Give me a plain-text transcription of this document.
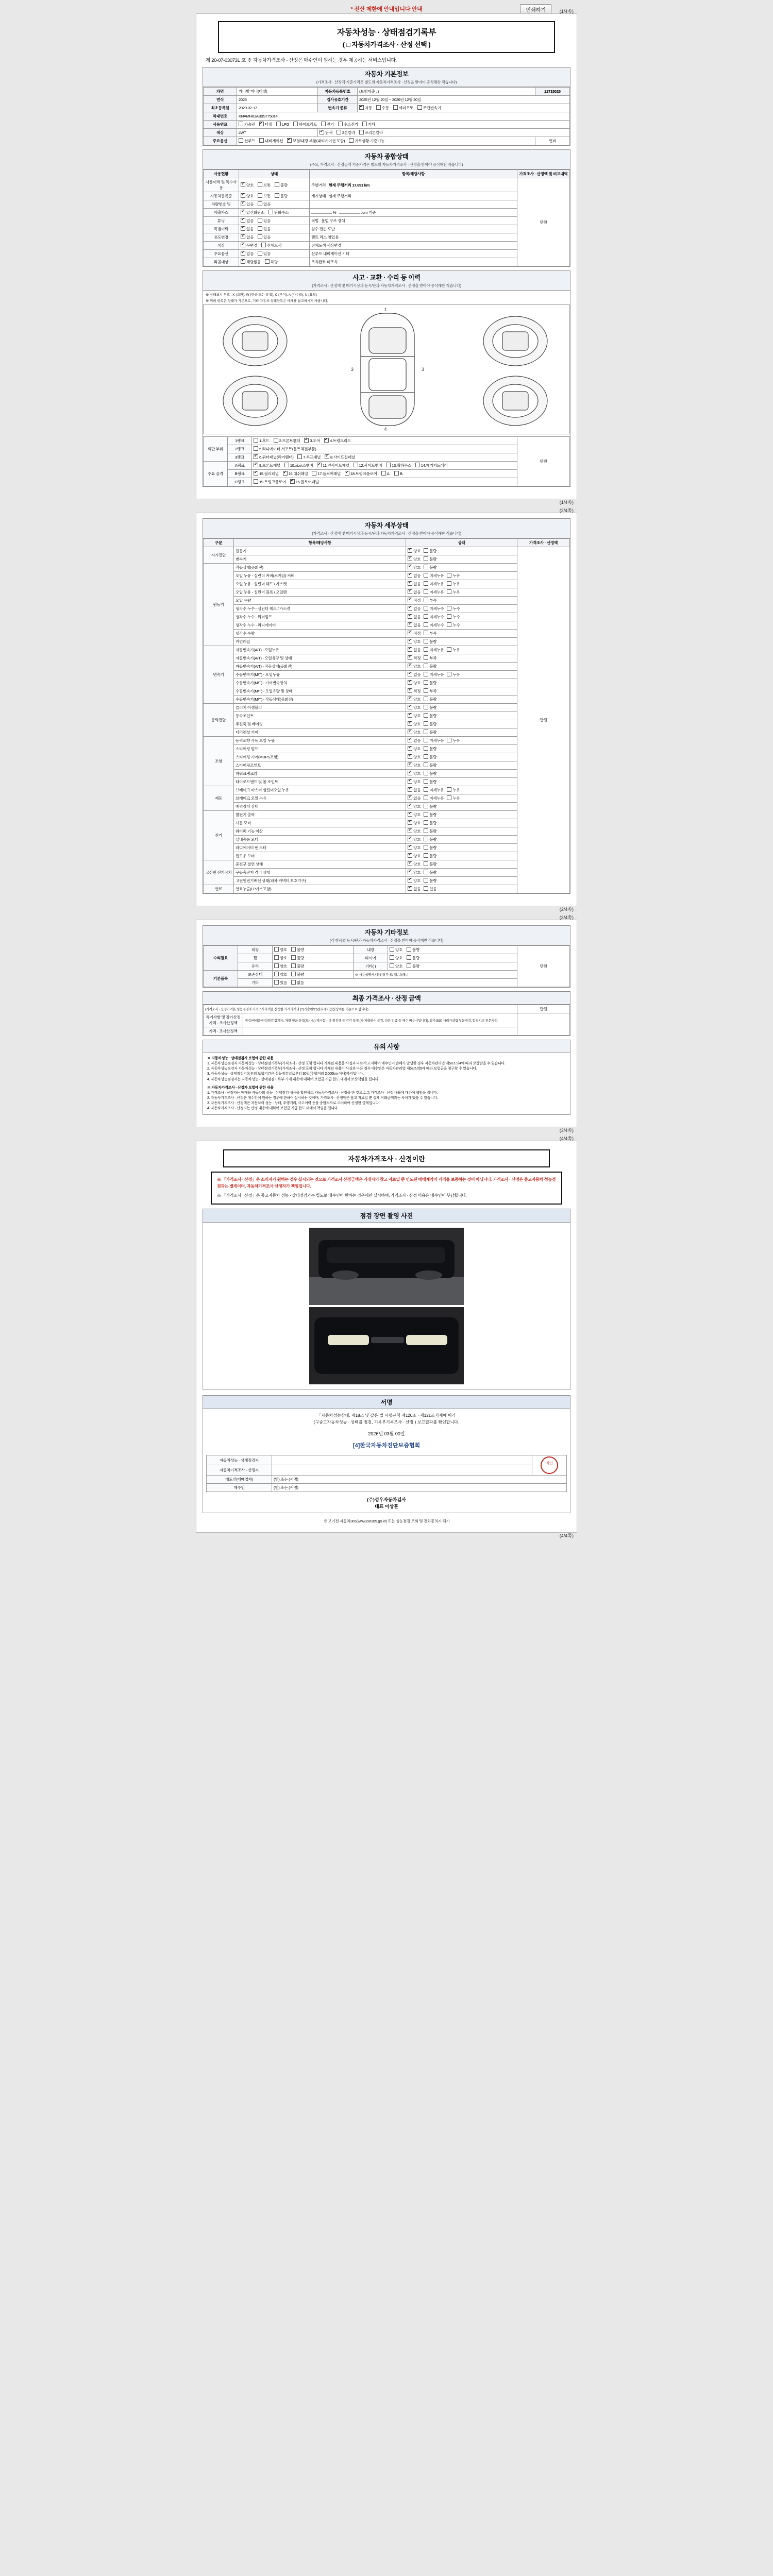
* 전산 제한에 안내입니다 안내	인쇄하기	(1/4쪽)
자동차성능 · 상태점검기록부
( □ 자동차가격조사 · 산정 선택 )
제 20-07-030731 호 ※ 자동차가격조사 · 산정은 매수인이 원하는 경우 제공하는 서비스입니다.
자동차 기본정보
(가격조사 · 산정액 기준가격은 별도의 자동차가격조사 · 산정을 받아야 공식해찬 적습니다)
차명	카니발 미니(디젤)	자동차등록번호	(보험대출 : )	22715025
연식	2025	검사유효기간	2025년 12월 20일 ~ 2026년 12월 20일	
최초등록일	2020-02-17	변속기 종류	✔자동 수동 세미오토 무단변속기
차대번호	KNAMH81AB0S775014			
사용연료	가솔린 ✔ 디젤 LPG 하이브리드 전기 수소전기 기타
색상	LWT	✔단색 2톤칼라 쓰리톤칼라
주요옵션	선루프 내비게이션 ✔ 보험/내장 부품(내비게이션 포함) 기록상황 기준기능			연비
자동차 종합상태
(주요, 가격조사 · 산정금액 기준가격은 별도의 자동차가격조사 · 산정을 받아야 공식해찬 적습니다)
사용현황	상태	항목/해당사항	가격조사 · 산정액 및 비교내역
사용이력 및 특수사용	✔양호 보통 불량	주행거리 현재 주행거리 17,691 km	만원
자동차등록증	✔양호 보통 불량	계기상태 실제 주행거리	
차량번호 및	✔있음 없음	
배출가스	✔일산화탄소 탄화수소	% ppm 기준	
튜닝	✔없음 있음	적법 불법 구조 장치	
특별이력	✔없음 있음	침수 전손 도난	
용도변경	✔없음 있음	렌트 리스 영업용	
색상	✔무변경 전체도색	전체도색 색상변경	
주요옵션	✔없음 있음	선루프 내비게이션 기타	
리콜대상	✔해당없음 해당	조치완료 미조치	
사고 · 교환 · 수리 등 이력
(가격조사 · 산정액 및 매기시상과 동시/단과 자동차가격조사 · 산정을 받아야 공식해찬 적습니다)
※ 상태표시 부호 : X (교환), W (판금 또는 용접), C (부식), A (가수리), U (요철)
※ 위의 항목은 상태가 기준으로, 기타 자동차 상태항목은 아래를 참고하시기 바랍니다.
1
4
3	3
외판 부위	1랭크	1.후드 2.프론트휀더 ✔ 3.도어 ✔ 4.트렁크리드	만원
	2랭크	5.라디에이터 서포트(볼트체결부품)	
	3랭크	✔6.쿼터패널(리어휀더) 7.루프패널 ✔ 8.사이드실패널
주요 골격	A랭크	✔9.프론트패널 10.크로스멤버 ✔ 11.인사이드패널 12.사이드멤버 13.휠하우스 14.패키지트레이
	B랭크	✔15.필러패널 ✔ 16.대쉬패널 17.플로어패널 ✔ 18.트렁크플로어 A. B.
	C랭크	19.트렁크플로어 ✔ 16.플로어패널
(1/4쪽)
(2/4쪽)
자동차 세부상태
(가격조사 · 산정액 및 매기시상과 동시/단과 자동차가격조사 · 산정을 받아야 공식해찬 적습니다)
구분	항목/해당사항	상태	가격조사 · 산정액
자기진단	원동기	✔양호 불량	만원
	변속기	✔양호 불량
원동기	작동상태(공회전)	✔양호 불량
	오일 누유 - 실린더 커버(로커암) 커버	✔없음 미세누유 누유
	오일 누유 - 실린더 헤드 / 가스켓	✔없음 미세누유 누유
	오일 누유 - 실린더 블록 / 오일팬	✔없음 미세누유 누유
	오일 유량	✔적정 부족
	냉각수 누수 - 실린더 헤드 / 가스켓	✔없음 미세누수 누수
	냉각수 누수 - 워터펌프	✔없음 미세누수 누수
	냉각수 누수 - 라디에이터	✔없음 미세누수 누수
	냉각수 수량	✔적정 부족
	커먼레일	✔양호 불량
변속기	자동변속기(A/T) - 오일누유	✔없음 미세누유 누유
	자동변속기(A/T) - 오일유량 및 상태	✔적정 부족
	자동변속기(A/T) - 작동상태(공회전)	✔양호 불량
	수동변속기(M/T) - 오일누유	✔없음 미세누유 누유
	수동변속기(M/T) - 기어변속장치	✔양호 불량
	수동변속기(M/T) - 오일유량 및 상태	✔적정 부족
	수동변속기(M/T) - 작동상태(공회전)	✔양호 불량
동력전달	클러치 어셈블리	✔양호 불량
	등속조인트	✔양호 불량
	추진축 및 베어링	✔양호 불량
	디퍼렌셜 기어	✔양호 불량
조향	동력조향 작동 오일 누유	✔없음 미세누유 누유
	스티어링 펌프	✔양호 불량
	스티어링 기어(MDPS포함)	✔양호 불량
	스티어링조인트	✔양호 불량
	파워크랭크암	✔양호 불량
	타이로드엔드 및 볼 조인트	✔양호 불량
제동	브레이크 마스터 실린더오일 누유	✔없음 미세누유 누유
	브레이크 오일 누유	✔없음 미세누유 누유
	배력장치 상태	✔양호 불량
전기	발전기 출력	✔양호 불량
	시동 모터	✔양호 불량
	와이퍼 기능 이상	✔양호 불량
	실내송풍 모터	✔양호 불량
	라디에이터 팬 모터	✔양호 불량
	윈도우 모터	✔양호 불량
고전원 전기장치	충전구 절연 상태	✔양호 불량
	구동축전지 격리 상태	✔양호 불량
	고전원전기배선 상태(피복,커넥터,보호기구)	✔양호 불량
연료	연료누출(LP가스포함)	✔없음 있음
(2/4쪽)
(3/4쪽)
자동차 기타정보
(각 항목별 동시/단과 자동차가격조사 · 산정을 받아야 공식해찬 적습니다)
수리필요	외장	양호 불량	내장	양호 불량	만원
	휠	양호 불량	타이어	양호 불량	
	유리	양호 불량	기타( )	양호 불량	
기본품목	보존상태	양호 불량	※ 사용설명서 / 안전삼각대 / 잭 / 스패너		
	기타	있음 없음			
최종 가격조사 · 산정 금액
(가격조사 · 산정가격은 성능점검자 가격조사가격을 산정한 가격가격과 (□)가솔린/(□)전자제어전산장치를 기준으로 합니다)		만원
특기사항 및 감가산정 가격 · 조사산정액	점검/비매품점검/점검 합계시, 차량 평균 산정(모바일) 제시합니다 점검액 등 각각 특징 (자 제출하기 준감, 다른 인증 등 매수 비용시입니다). 감가 5/30 시리가살림 부분점검, 합격시고 전문가적	
가격 · 조사산정액		
유의 사항
※ 자동차성능 · 상태점검자 보험에 관한 내용
1. 자동차성능점검자 자동차성능 · 상태점검기록부(가격조사 · 산정 포함 합니다 기재된 내용을 사실과 다르게 고지하여 매수인이 손해가 발생한 경우 자동차관리법 제58조의4에 따라 보상받을 수 있습니다.
2. 자동차성능점검자 자동차성능 · 상태점검기록부(가격조사 · 산정 포함 합니다 기재된 내용이 사실과 다른 경우 매수인은 자동차관리법 제58조의5에 따라 보험금을 청구할 수 있습니다.
3. 자동차성능 · 상태점검기록부의 보험기간은 성능점검일로부터 30일(주행거리 2,000km 이내)까지입니다.
4. 자동차성능점검자는 자동차성능 · 상태점검기록부 기재 내용에 대하여 보험금 지급 한도 내에서 보상책임을 집니다.
※ 자동차가격조사 · 산정자 보험에 관한 내용
1. 가격조사 · 산정자는 매매용 자동차의 성능 · 상태점검 내용을 확인하고 자동차가격조사 · 산정을 한 것으로 그 가격조사 · 산정 내용에 대하여 책임을 집니다.
2. 자동차가격조사 · 산정은 매수인이 원하는 경우에 한하여 실시하는 것이며, 가격조사 · 산정액은 참고 자료일 뿐 실제 거래금액과는 차이가 있을 수 있습니다.
3. 자동차가격조사 · 산정액은 자동차의 성능 · 상태, 주행거리, 사고이력 등을 종합적으로 고려하여 산정한 금액입니다.
4. 자동차가격조사 · 산정자는 산정 내용에 대하여 보험금 지급 한도 내에서 책임을 집니다.
(3/4쪽)
(4/4쪽)
자동차가격조사 · 산정이란
※ 「가격조사 · 산정」은 소비자가 원하는 경우 실시되는 것으로 가격조사 산정금액은 거래시의 참고 자료일 뿐 인도된 매매계약의 가격을 보증하는 것이 아닙니다. 가격조사 · 산정은 중고자동차 성능점검과는 별개이며, 자동차가격조사 산정자가 책임집니다.
※ 「가격조사 · 산정」은 중고자동차 성능 · 상태점검과는 별도로 매수인이 원하는 경우에만 실시하며, 가격조사 · 산정 비용은 매수인이 부담합니다.
점검 장면 촬영 사진
서명
「자동차성능상태, 제18조 및 같은 법 시행규칙 제120조 · 제121조기재에 따라
(구중고자동차성능 · 상태를 점검, 기록부기록조사 · 산정 ) 보고결과를 확인합니다.
2026년 03월 00일
[4]한국자동차진단보증협회
자동차성능 · 상태점검자		직인
자동차가격조사 · 산정자		
매도인(매매업자)	(인) 또는 (서명)	
매수인	(인) 또는 (서명)	
(주)성우자동차검사
대표 이상훈
※ 보기전 자동차365(www.car365.go.kr) 또는 성능점검 조회 및 전화문의가 되기
(4/4쪽)
